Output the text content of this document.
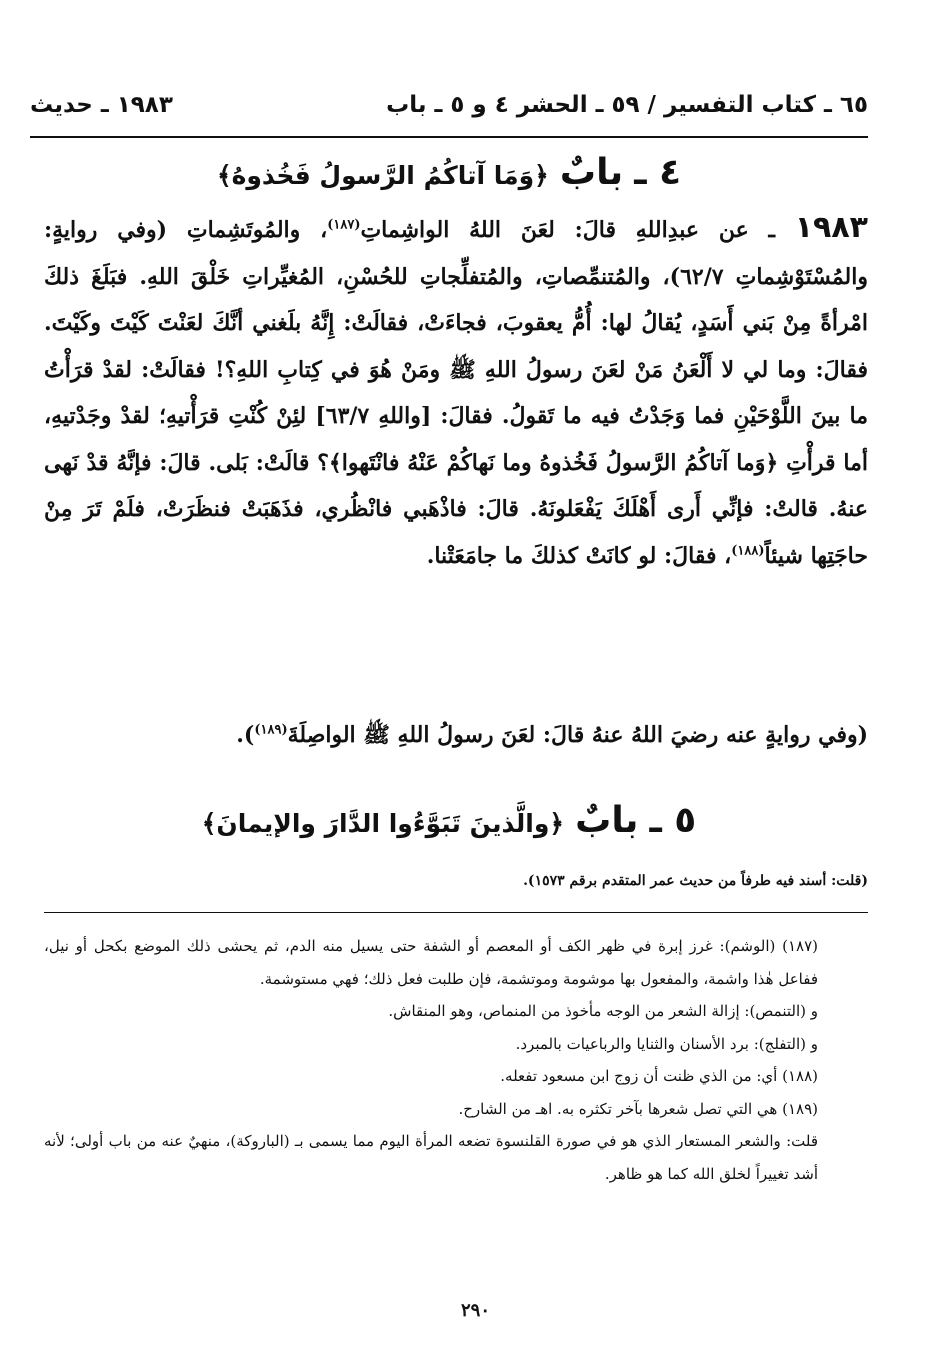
٦٥ ـ كتاب التفسير / ٥٩ ـ الحشر ٤ و ٥ ـ باب
١٩٨٣ ـ حديث
٤ ـ بابٌ ﴿وَمَا آتاكُمُ الرَّسولُ فَخُذوهُ﴾
١٩٨٣ ـ عن عبدِاللهِ قالَ: لعَنَ اللهُ الواشِماتِ$^{(١٨٧)}$، والمُوتَشِماتِ (وفي روايةٍ: والمُسْتَوْشِماتِ ٦٢/٧)، والمُتنمِّصاتِ، والمُتفلِّجاتِ للحُسْنِ، المُغيِّراتِ خَلْقَ اللهِ. فبَلَغَ ذلكَ امْرأةً مِنْ بَني أَسَدٍ، يُقالُ لها: أُمُّ يعقوبَ، فجاءَتْ، فقالَتْ: إِنَّهُ بلَغني أنَّكَ لعَنْتَ كَيْتَ وكَيْتَ. فقالَ: وما لي لا أَلْعَنُ مَنْ لعَنَ رسولُ اللهِ ﷺ ومَنْ هُوَ في كِتابِ اللهِ؟! فقالَتْ: لقدْ قرَأْتُ ما بينَ اللَّوْحَيْنِ فما وَجَدْتُ فيه ما تَقولُ. فقالَ: [واللهِ ٦٣/٧] لئِنْ كُنْتِ قرَأْتيهِ؛ لقدْ وجَدْتيهِ، أما قرأْتِ ﴿وَما آتاكُمُ الرَّسولُ فَخُذوهُ وما نَهاكُمْ عَنْهُ فانْتَهوا﴾؟ قالَتْ: بَلى. قالَ: فإنَّهُ قدْ نَهى عنهُ. قالتْ: فإنِّي أَرى أَهْلَكَ يَفْعَلونَهُ. قالَ: فاذْهَبي فانْظُري، فذَهَبَتْ فنظَرَتْ، فلَمْ تَرَ مِنْ حاجَتِها شيئاً$^{(١٨٨)}$، فقالَ: لو كانَتْ كذلكَ ما جامَعَتْنا.
(وفي روايةٍ عنه رضيَ اللهُ عنهُ قالَ: لعَنَ رسولُ اللهِ ﷺ الواصِلَةَ$^{(١٨٩)}$).
٥ ـ بابٌ ﴿والَّذينَ تَبَوَّءُوا الدَّارَ والإيمانَ﴾
(قلت: أسند فيه طرفاً من حديث عمر المتقدم برقم ١٥٧٣).

(١٨٧) (الوشم): غرز إبرة في ظهر الكف أو المعصم أو الشفة حتى يسيل منه الدم، ثم يحشى ذلك الموضع بكحل أو نيل، ففاعل هٰذا واشمة، والمفعول بها موشومة وموتشمة، فإن طلبت فعل ذلك؛ فهي مستوشمة.

و (التنمص): إزالة الشعر من الوجه مأخوذ من المنماص، وهو المنقاش.

و (التفلج): برد الأسنان والثنايا والرباعيات بالمبرد.

(١٨٨) أي: من الذي ظنت أن زوج ابن مسعود تفعله.

(١٨٩) هي التي تصل شعرها بآخر تكثره به. اهـ من الشارح.

قلت: والشعر المستعار الذي هو في صورة القلنسوة تضعه المرأة اليوم مما يسمى بـ (الباروكة)، منهيٌ عنه من باب أولى؛ لأنه أشد تغييراً لخلق الله كما هو ظاهر.

٢٩٠
